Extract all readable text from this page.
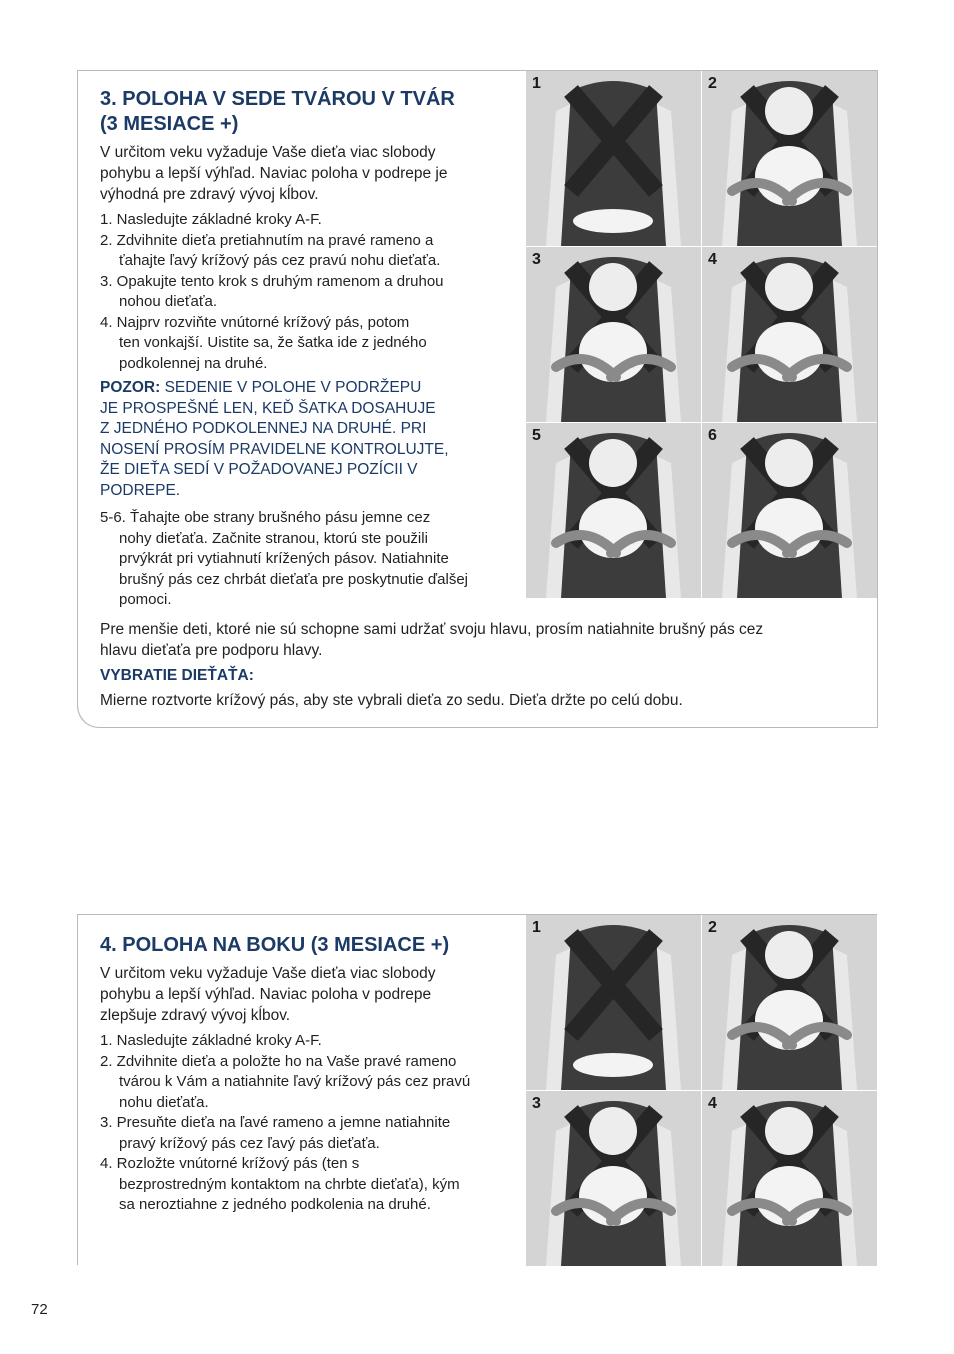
3. POLOHA V SEDE TVÁROU V TVÁR
(3 MESIACE +)

V určitom veku vyžaduje Vaše dieťa viac slobody
pohybu a lepší výhľad. Naviac poloha v podrepe je
výhodná pre zdravý vývoj kĺbov.

1. Nasledujte základné kroky A-F.
2. Zdvihnite dieťa pretiahnutím na pravé rameno a
ťahajte ľavý krížový pás cez pravú nohu dieťaťa.
3. Opakujte tento krok s druhým ramenom a druhou
nohou dieťaťa.
4. Najprv rozviňte vnútorné krížový pás, potom
ten vonkajší. Uistite sa, že šatka ide z jedného
podkolennej na druhé.
POZOR: SEDENIE V POLOHE V PODRŽEPU
JE PROSPEŠNÉ LEN, KEĎ ŠATKA DOSAHUJE
Z JEDNÉHO PODKOLENNEJ NA DRUHÉ. PRI
NOSENÍ PROSÍM PRAVIDELNE KONTROLUJTE,
ŽE DIEŤA SEDÍ V POŽADOVANEJ POZÍCII V
PODREPE.
5-6. Ťahajte obe strany brušného pásu jemne cez
nohy dieťaťa. Začnite stranou, ktorú ste použili
prvýkrát pri vytiahnutí krížených pásov. Natiahnite
brušný pás cez chrbát dieťaťa pre poskytnutie ďalšej
pomoci.

Pre menšie deti, ktoré nie sú schopne sami udržať svoju hlavu, prosím natiahnite brušný pás cez
hlavu dieťaťa pre podporu hlavy.

VYBRATIE DIEŤAŤA:

Mierne roztvorte krížový pás, aby ste vybrali dieťa zo sedu. Dieťa držte po celú dobu.

1	2
3	4
5	6
4. POLOHA NA BOKU (3 MESIACE +)

V určitom veku vyžaduje Vaše dieťa viac slobody
pohybu a lepší výhľad. Naviac poloha v podrepe
zlepšuje zdravý vývoj kĺbov.

1. Nasledujte základné kroky A-F.
2. Zdvihnite dieťa a položte ho na Vaše pravé rameno
tvárou k Vám a natiahnite ľavý krížový pás cez pravú
nohu dieťaťa.
3. Presuňte dieťa na ľavé rameno a jemne natiahnite
pravý krížový pás cez ľavý pás dieťaťa.
4. Rozložte vnútorné krížový pás (ten s
bezprostredným kontaktom na chrbte dieťaťa), kým
sa neroztiahne z jedného podkolenia na druhé.
1	2
3	4
72
